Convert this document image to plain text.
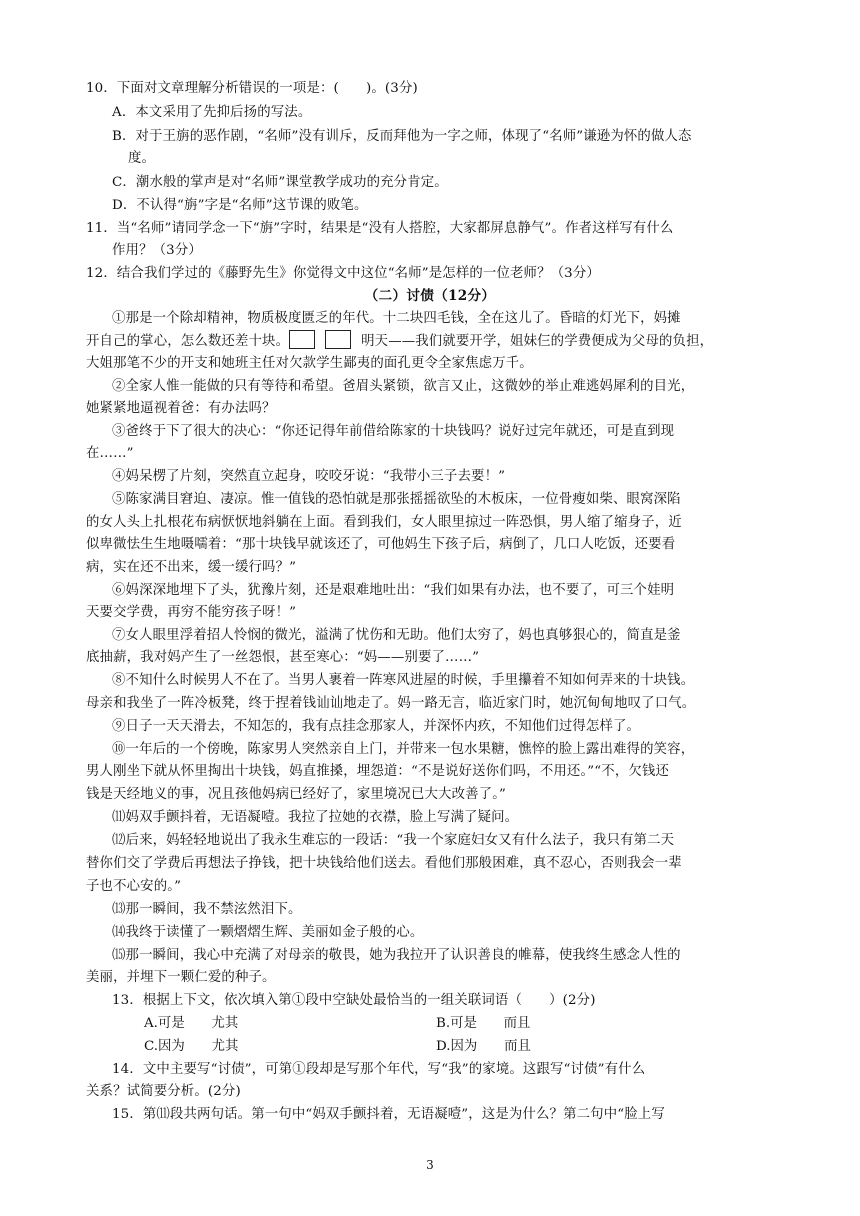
10．下面对文章理解分析错误的一项是：(　　)。(3分)
A．本文采用了先抑后扬的写法。
B．对于王旃的恶作剧，“名师”没有训斥，反而拜他为一字之师，体现了“名师”谦逊为怀的做人态
度。
C．潮水般的掌声是对“名师”课堂教学成功的充分肯定。
D．不认得“旃”字是“名师”这节课的败笔。
11．当“名师”请同学念一下“旃”字时，结果是“没有人搭腔，大家都屏息静气”。作者这样写有什么
作用？（3分）
12．结合我们学过的《藤野先生》你觉得文中这位“名师”是怎样的一位老师？（3分）
（二）讨债（12分）
①那是一个除却精神，物质极度匮乏的年代。十二块四毛钱，全在这儿了。昏暗的灯光下，妈摊
开自己的掌心，怎么数还差十块。	明天——我们就要开学，姐妹仨的学费便成为父母的负担，
大姐那笔不少的开支和她班主任对欠款学生鄙夷的面孔更令全家焦虑万千。
②全家人惟一能做的只有等待和希望。爸眉头紧锁，欲言又止，这微妙的举止难逃妈犀利的目光，
她紧紧地逼视着爸：有办法吗？
③爸终于下了很大的决心：“你还记得年前借给陈家的十块钱吗？说好过完年就还，可是直到现
在……”
④妈呆楞了片刻，突然直立起身，咬咬牙说：“我带小三子去要！”
⑤陈家满目窘迫、凄凉。惟一值钱的恐怕就是那张摇摇欲坠的木板床，一位骨瘦如柴、眼窝深陷
的女人头上扎根花布病恹恹地斜躺在上面。看到我们，女人眼里掠过一阵恐惧，男人缩了缩身子，近
似卑微怯生生地嗫嚅着：“那十块钱早就该还了，可他妈生下孩子后，病倒了，几口人吃饭，还要看
病，实在还不出来，缓一缓行吗？”
⑥妈深深地埋下了头，犹豫片刻，还是艰难地吐出：“我们如果有办法，也不要了，可三个娃明
天要交学费，再穷不能穷孩子呀！”
⑦女人眼里浮着招人怜悯的微光，溢满了忧伤和无助。他们太穷了，妈也真够狠心的，简直是釜
底抽薪，我对妈产生了一丝怨恨，甚至寒心：“妈——别要了……”
⑧不知什么时候男人不在了。当男人裹着一阵寒风进屋的时候，手里攥着不知如何弄来的十块钱。
母亲和我坐了一阵冷板凳，终于捏着钱讪讪地走了。妈一路无言，临近家门时，她沉甸甸地叹了口气。
⑨日子一天天滑去，不知怎的，我有点挂念那家人，并深怀内疚，不知他们过得怎样了。
⑩一年后的一个傍晚，陈家男人突然亲自上门，并带来一包水果糖，憔悴的脸上露出难得的笑容，
男人刚坐下就从怀里掏出十块钱，妈直推搡，埋怨道：“不是说好送你们吗，不用还。”“不，欠钱还
钱是天经地义的事，况且孩他妈病已经好了，家里境况已大大改善了。”
⑾妈双手颤抖着，无语凝噎。我拉了拉她的衣襟，脸上写满了疑问。
⑿后来，妈轻轻地说出了我永生难忘的一段话：“我一个家庭妇女又有什么法子，我只有第二天
替你们交了学费后再想法子挣钱，把十块钱给他们送去。看他们那般困难，真不忍心，否则我会一辈
子也不心安的。”
⒀那一瞬间，我不禁泫然泪下。
⒁我终于读懂了一颗熠熠生辉、美丽如金子般的心。
⒂那一瞬间，我心中充满了对母亲的敬畏，她为我拉开了认识善良的帷幕，使我终生感念人性的
美丽，并埋下一颗仁爱的种子。
13．根据上下文，依次填入第①段中空缺处最恰当的一组关联词语（　　）(2分)
A.可是　　尤其	B.可是　　而且
C.因为　　尤其	D.因为　　而且
14．文中主要写“讨债”，可第①段却是写那个年代，写“我”的家境。这跟写“讨债”有什么
关系？试简要分析。(2分)
15．第⑾段共两句话。第一句中“妈双手颤抖着，无语凝噎”，这是为什么？第二句中“脸上写
3
